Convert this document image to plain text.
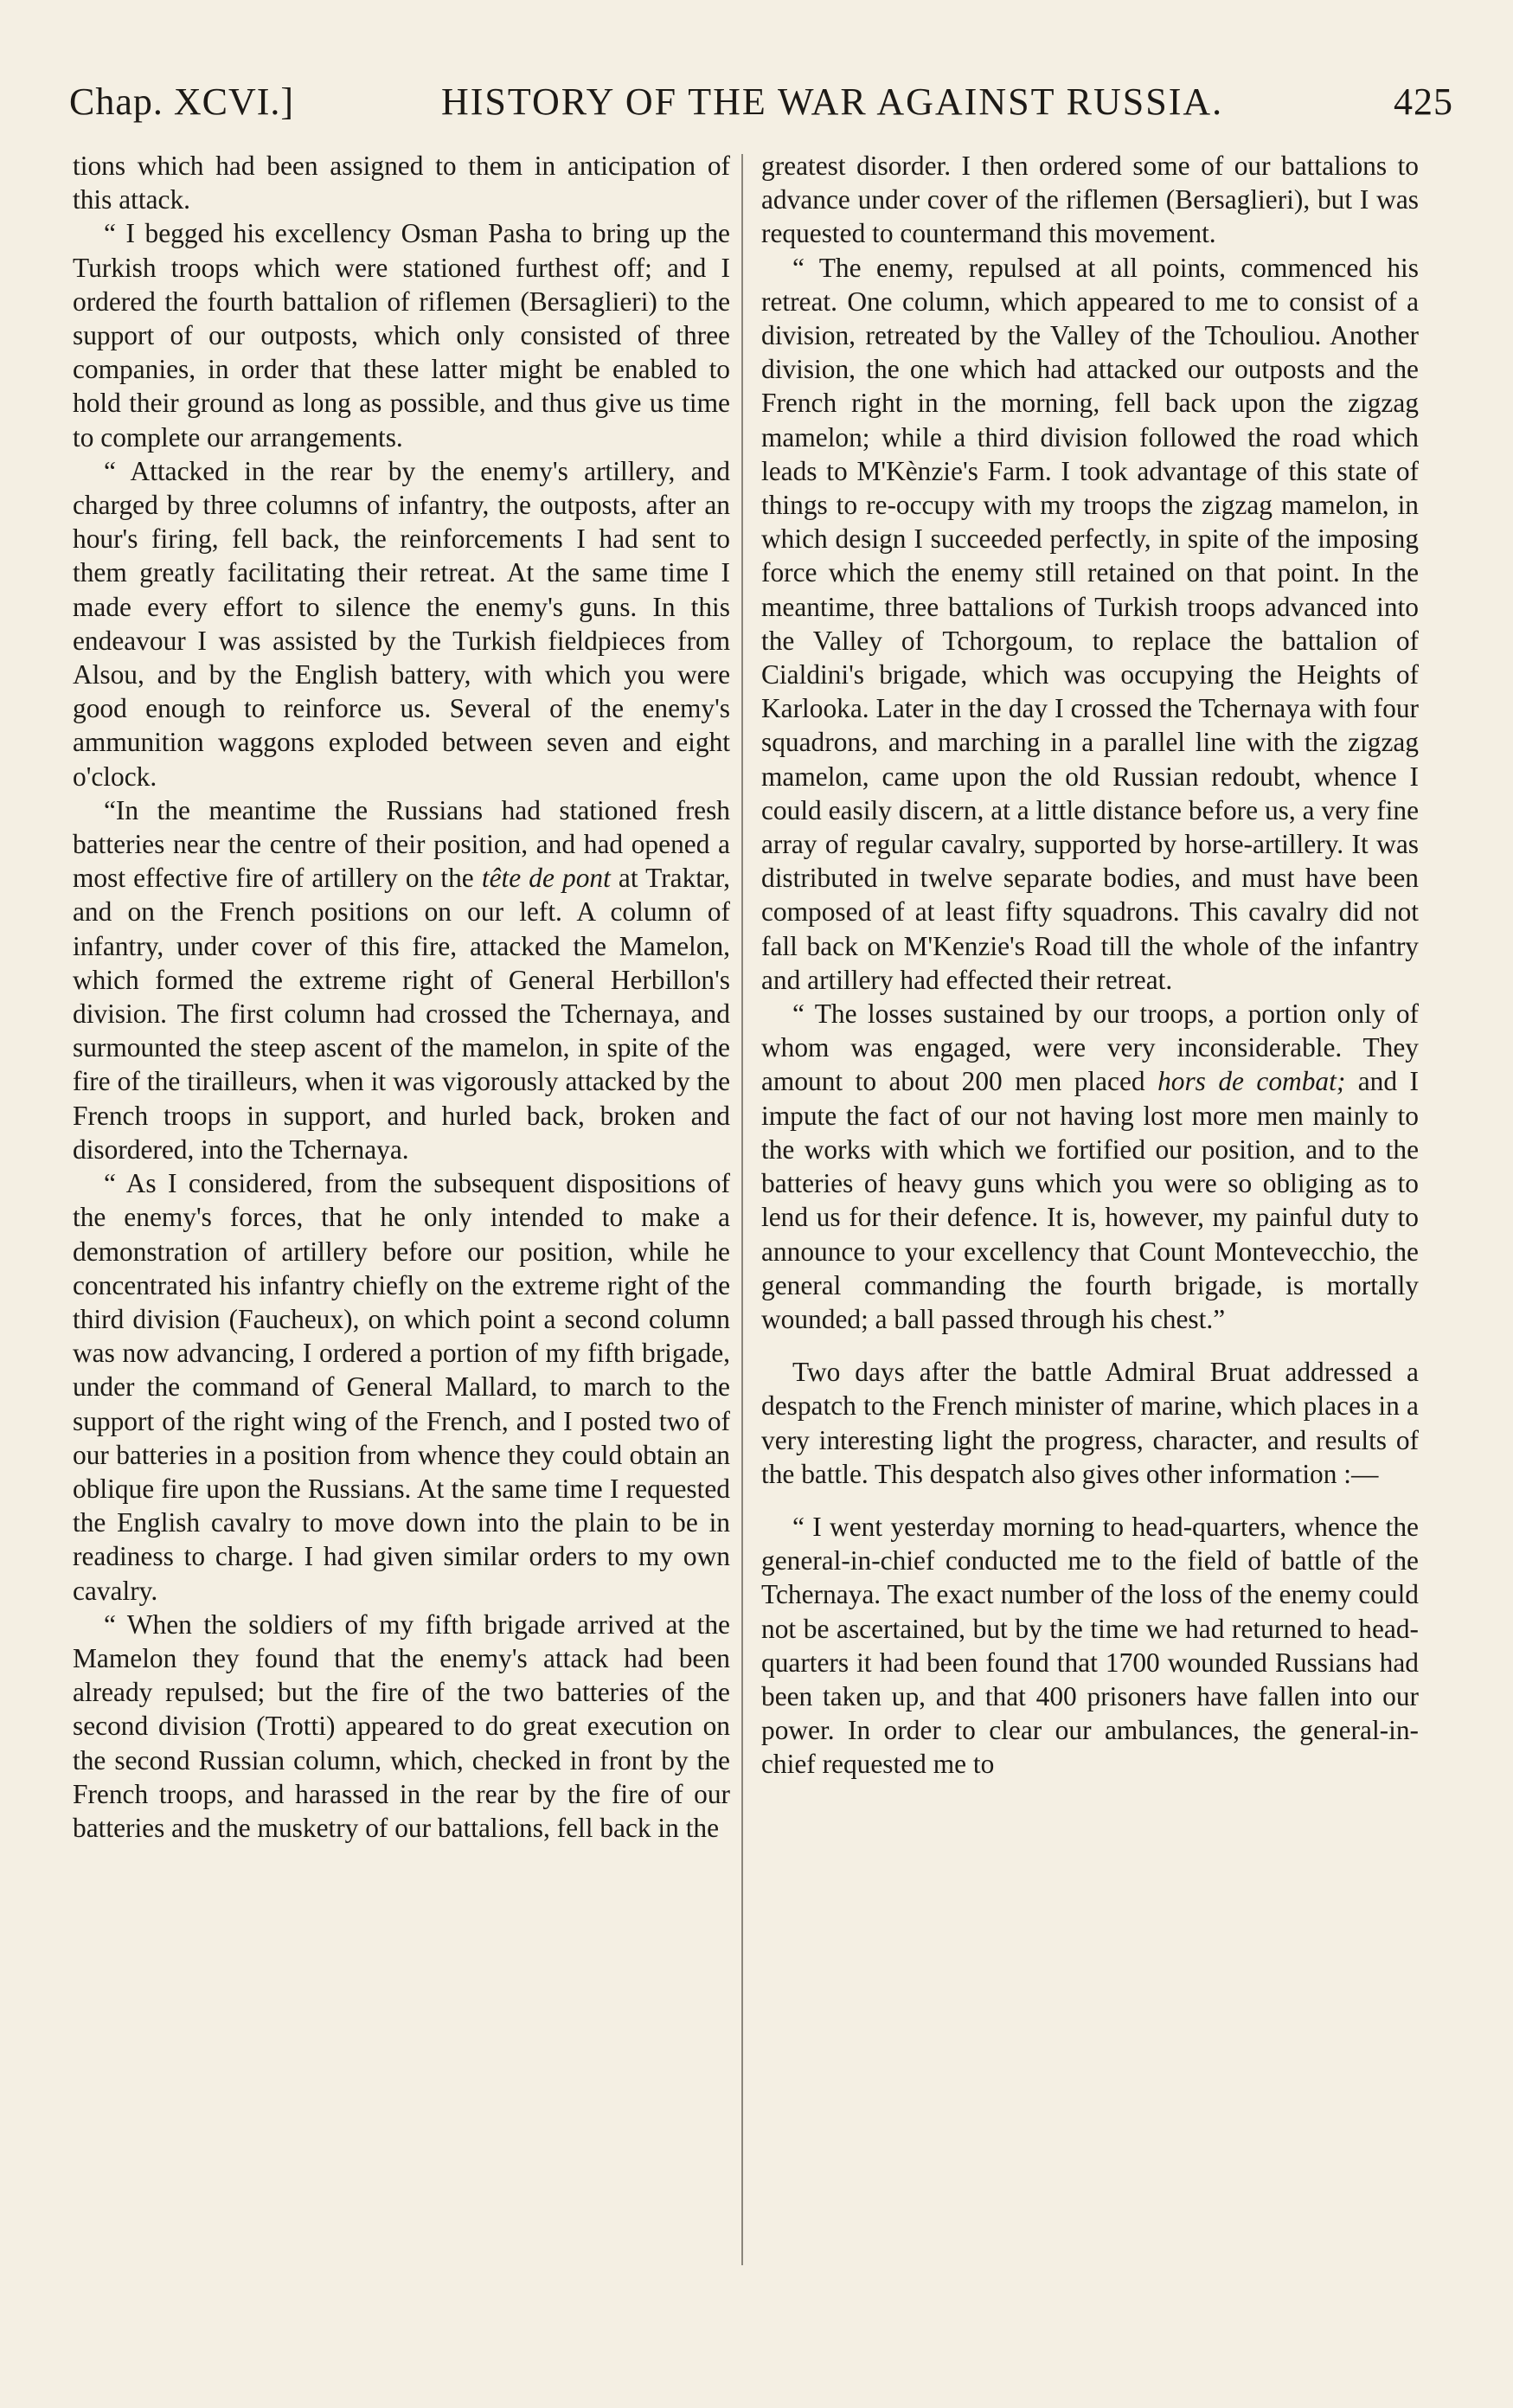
Chap. XCVI.]	HISTORY OF THE WAR AGAINST RUSSIA.	425

tions which had been assigned to them in anticipation of this attack.

“ I begged his excellency Osman Pasha to bring up the Turkish troops which were stationed furthest off; and I ordered the fourth battalion of riflemen (Bersaglieri) to the support of our outposts, which only consisted of three companies, in order that these latter might be enabled to hold their ground as long as possible, and thus give us time to complete our arrangements.

“ Attacked in the rear by the enemy's artillery, and charged by three columns of infantry, the outposts, after an hour's firing, fell back, the reinforcements I had sent to them greatly facilitating their retreat. At the same time I made every effort to silence the enemy's guns. In this endeavour I was assisted by the Turkish fieldpieces from Alsou, and by the English battery, with which you were good enough to reinforce us. Several of the enemy's ammunition waggons exploded between seven and eight o'clock.

“In the meantime the Russians had stationed fresh batteries near the centre of their position, and had opened a most effective fire of artillery on the tête de pont at Traktar, and on the French positions on our left. A column of infantry, under cover of this fire, attacked the Mamelon, which formed the extreme right of General Herbillon's division. The first column had crossed the Tchernaya, and surmounted the steep ascent of the mamelon, in spite of the fire of the tirailleurs, when it was vigorously attacked by the French troops in support, and hurled back, broken and disordered, into the Tchernaya.

“ As I considered, from the subsequent dispositions of the enemy's forces, that he only intended to make a demonstration of artillery before our position, while he concentrated his infantry chiefly on the extreme right of the third division (Faucheux), on which point a second column was now advancing, I ordered a portion of my fifth brigade, under the command of General Mallard, to march to the support of the right wing of the French, and I posted two of our batteries in a position from whence they could obtain an oblique fire upon the Russians. At the same time I requested the English cavalry to move down into the plain to be in readiness to charge. I had given similar orders to my own cavalry.

“ When the soldiers of my fifth brigade arrived at the Mamelon they found that the enemy's attack had been already repulsed; but the fire of the two batteries of the second division (Trotti) appeared to do great execution on the second Russian column, which, checked in front by the French troops, and harassed in the rear by the fire of our batteries and the musketry of our battalions, fell back in the

greatest disorder. I then ordered some of our battalions to advance under cover of the riflemen (Bersaglieri), but I was requested to countermand this movement.

“ The enemy, repulsed at all points, commenced his retreat. One column, which appeared to me to consist of a division, retreated by the Valley of the Tchouliou. Another division, the one which had attacked our outposts and the French right in the morning, fell back upon the zigzag mamelon; while a third division followed the road which leads to M'Kènzie's Farm. I took advantage of this state of things to re-occupy with my troops the zigzag mamelon, in which design I succeeded perfectly, in spite of the imposing force which the enemy still retained on that point. In the meantime, three battalions of Turkish troops advanced into the Valley of Tchorgoum, to replace the battalion of Cialdini's brigade, which was occupying the Heights of Karlooka. Later in the day I crossed the Tchernaya with four squadrons, and marching in a parallel line with the zigzag mamelon, came upon the old Russian redoubt, whence I could easily discern, at a little distance before us, a very fine array of regular cavalry, supported by horse-artillery. It was distributed in twelve separate bodies, and must have been composed of at least fifty squadrons. This cavalry did not fall back on M'Kenzie's Road till the whole of the infantry and artillery had effected their retreat.

“ The losses sustained by our troops, a portion only of whom was engaged, were very inconsiderable. They amount to about 200 men placed hors de combat; and I impute the fact of our not having lost more men mainly to the works with which we fortified our position, and to the batteries of heavy guns which you were so obliging as to lend us for their defence. It is, however, my painful duty to announce to your excellency that Count Montevecchio, the general commanding the fourth brigade, is mortally wounded; a ball passed through his chest.”

Two days after the battle Admiral Bruat addressed a despatch to the French minister of marine, which places in a very interesting light the progress, character, and results of the battle. This despatch also gives other information :—

“ I went yesterday morning to head-quarters, whence the general-in-chief conducted me to the field of battle of the Tchernaya. The exact number of the loss of the enemy could not be ascertained, but by the time we had returned to head-quarters it had been found that 1700 wounded Russians had been taken up, and that 400 prisoners have fallen into our power. In order to clear our ambulances, the general-in-chief requested me to
